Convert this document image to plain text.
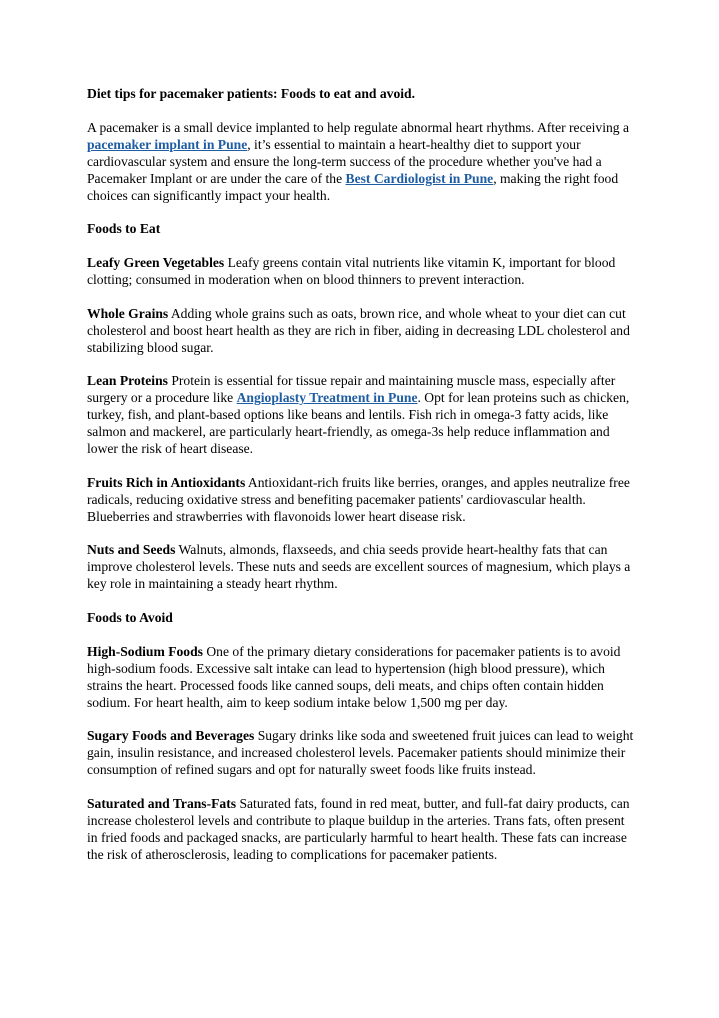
Diet tips for pacemaker patients: Foods to eat and avoid.

A pacemaker is a small device implanted to help regulate abnormal heart rhythms. After receiving a pacemaker implant in Pune, it’s essential to maintain a heart-healthy diet to support your cardiovascular system and ensure the long-term success of the procedure whether you've had a Pacemaker Implant or are under the care of the Best Cardiologist in Pune, making the right food choices can significantly impact your health.

Foods to Eat

Leafy Green Vegetables Leafy greens contain vital nutrients like vitamin K, important for blood clotting; consumed in moderation when on blood thinners to prevent interaction.

Whole Grains Adding whole grains such as oats, brown rice, and whole wheat to your diet can cut cholesterol and boost heart health as they are rich in fiber, aiding in decreasing LDL cholesterol and stabilizing blood sugar.

Lean Proteins Protein is essential for tissue repair and maintaining muscle mass, especially after surgery or a procedure like Angioplasty Treatment in Pune. Opt for lean proteins such as chicken, turkey, fish, and plant-based options like beans and lentils. Fish rich in omega-3 fatty acids, like salmon and mackerel, are particularly heart-friendly, as omega-3s help reduce inflammation and lower the risk of heart disease.

Fruits Rich in Antioxidants Antioxidant-rich fruits like berries, oranges, and apples neutralize free radicals, reducing oxidative stress and benefiting pacemaker patients' cardiovascular health. Blueberries and strawberries with flavonoids lower heart disease risk.

Nuts and Seeds Walnuts, almonds, flaxseeds, and chia seeds provide heart-healthy fats that can improve cholesterol levels. These nuts and seeds are excellent sources of magnesium, which plays a key role in maintaining a steady heart rhythm.

Foods to Avoid

High-Sodium Foods One of the primary dietary considerations for pacemaker patients is to avoid high-sodium foods. Excessive salt intake can lead to hypertension (high blood pressure), which strains the heart. Processed foods like canned soups, deli meats, and chips often contain hidden sodium. For heart health, aim to keep sodium intake below 1,500 mg per day.

Sugary Foods and Beverages Sugary drinks like soda and sweetened fruit juices can lead to weight gain, insulin resistance, and increased cholesterol levels. Pacemaker patients should minimize their consumption of refined sugars and opt for naturally sweet foods like fruits instead.

Saturated and Trans-Fats Saturated fats, found in red meat, butter, and full-fat dairy products, can increase cholesterol levels and contribute to plaque buildup in the arteries. Trans fats, often present in fried foods and packaged snacks, are particularly harmful to heart health. These fats can increase the risk of atherosclerosis, leading to complications for pacemaker patients.
